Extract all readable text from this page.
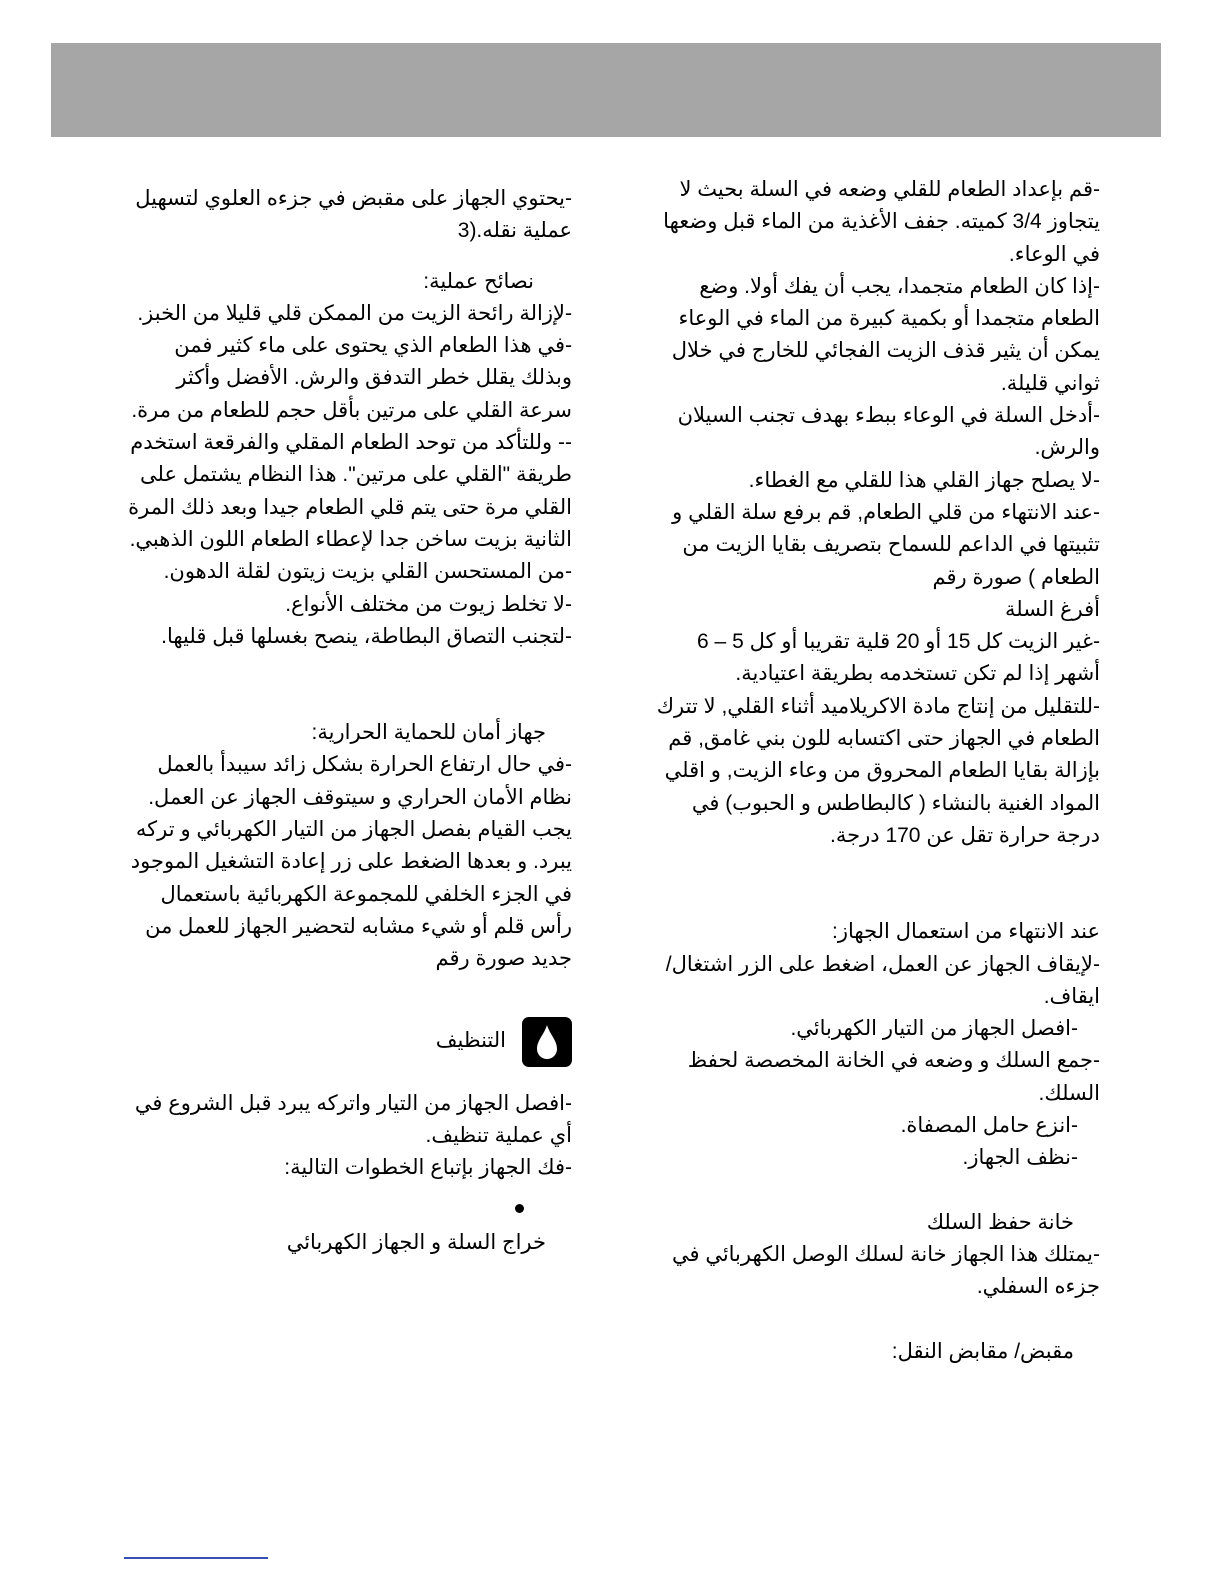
-قم بإعداد الطعام للقلي وضعه في السلة بحيث لا يتجاوز 3/4 كميته. جفف الأغذية من الماء قبل وضعها في الوعاء.

-إذا كان الطعام متجمدا، يجب أن يفك أولا. وضع الطعام متجمدا أو بكمية كبيرة من الماء في الوعاء يمكن أن يثير قذف الزيت الفجائي للخارج في خلال ثواني قليلة.

-أدخل السلة في الوعاء ببطء بهدف تجنب السيلان والرش.

-لا يصلح جهاز القلي هذا للقلي مع الغطاء.

-عند الانتهاء من قلي الطعام, قم برفع سلة القلي و تثبيتها في الداعم للسماح بتصريف بقايا الزيت من الطعام ) صورة رقم

أفرغ السلة

-غير الزيت كل 15 أو 20 قلية تقريبا أو كل 5 – 6 أشهر إذا لم تكن تستخدمه بطريقة اعتيادية.

-للتقليل من إنتاج مادة الاكريلاميد أثناء القلي, لا تترك الطعام في الجهاز حتى اكتسابه للون بني غامق, قم بإزالة بقايا الطعام المحروق من وعاء الزيت, و اقلي المواد الغنية بالنشاء ( كالبطاطس و الحبوب) في درجة حرارة تقل عن 170 درجة.

عند الانتهاء من استعمال الجهاز:

-لإيقاف الجهاز عن العمل، اضغط على الزر اشتغال/ايقاف.

-افصل الجهاز من التيار الكهربائي.

-جمع السلك و وضعه في الخانة المخصصة لحفظ السلك.

-انزع حامل المصفاة.

-نظف الجهاز.

خانة حفظ السلك

-يمتلك هذا الجهاز خانة لسلك الوصل الكهربائي في جزءه السفلي.

مقبض/ مقابض النقل:

-يحتوي الجهاز على مقبض في جزءه العلوي لتسهيل عملية نقله.(3

نصائح عملية:

-لإزالة رائحة الزيت من الممكن قلي قليلا من الخبز.

-في هذا الطعام الذي يحتوى على ماء كثير فمن وبذلك يقلل خطر التدفق والرش. الأفضل وأكثر سرعة القلي على مرتين بأقل حجم للطعام من مرة.

-- وللتأكد من توحد الطعام المقلي والفرقعة استخدم طريقة "القلي على مرتين". هذا النظام يشتمل على القلي مرة حتى يتم قلي الطعام جيدا وبعد ذلك المرة الثانية بزيت ساخن جدا لإعطاء الطعام اللون الذهبي.

-من المستحسن القلي بزيت زيتون لقلة الدهون.

-لا تخلط زيوت من مختلف الأنواع.

-لتجنب التصاق البطاطة، ينصح بغسلها قبل قليها.

جهاز أمان للحماية الحرارية:

-في حال ارتفاع الحرارة بشكل زائد سيبدأ بالعمل نظام الأمان الحراري و سيتوقف الجهاز عن العمل. يجب القيام بفصل الجهاز من التيار الكهربائي و تركه يبرد. و بعدها الضغط على زر إعادة التشغيل الموجود في الجزء الخلفي للمجموعة الكهربائية باستعمال رأس قلم أو شيء مشابه لتحضير الجهاز للعمل من جديد صورة رقم

التنظيف

-افصل الجهاز من التيار واتركه يبرد قبل الشروع في أي عملية تنظيف.

-فك الجهاز بإتباع الخطوات التالية:

خراج السلة و الجهاز الكهربائي
